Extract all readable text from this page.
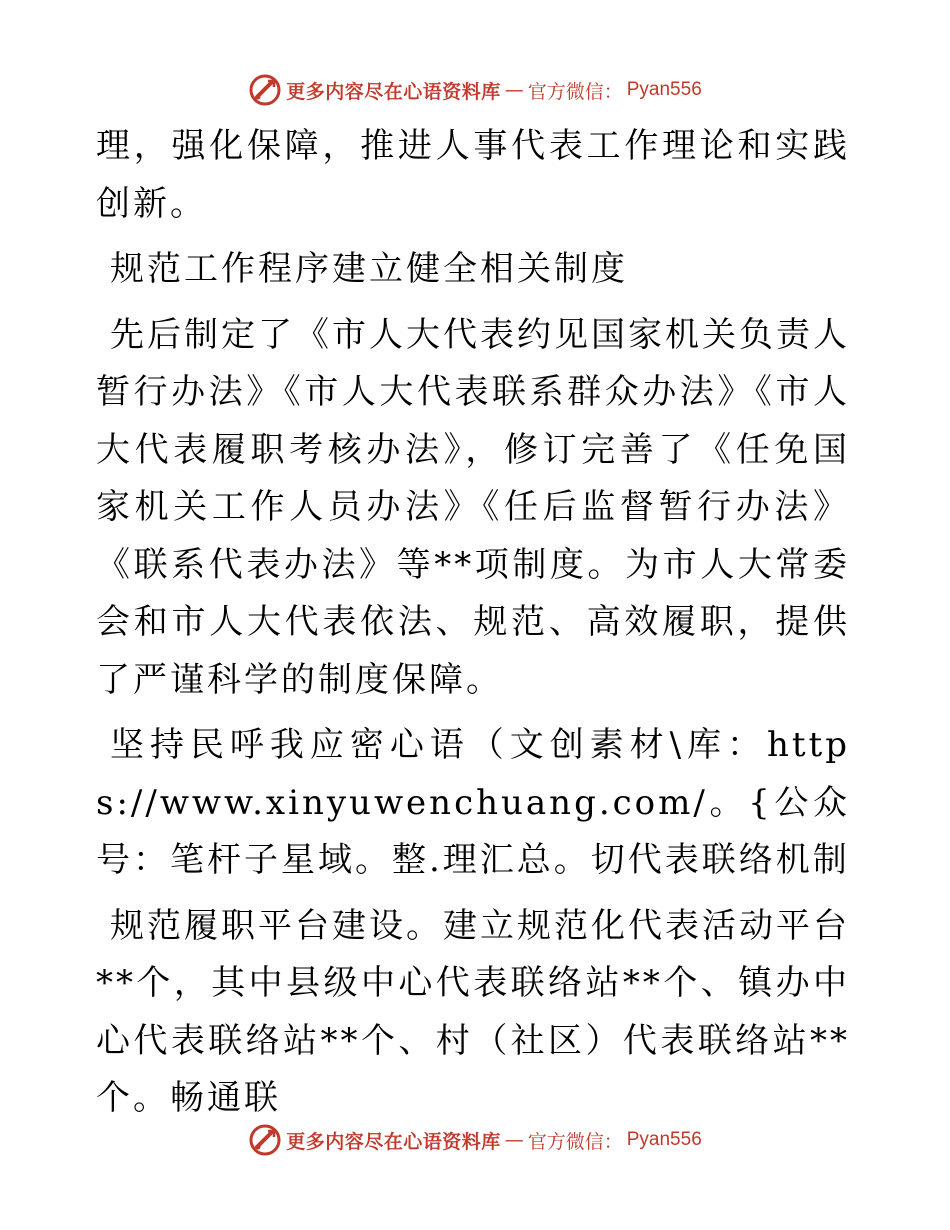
更多内容尽在心语资料库 — 官方微信： Pyan556

理，强化保障，推进人事代表工作理论和实践创新。

规范工作程序建立健全相关制度

先后制定了《市人大代表约见国家机关负责人暂行办法》《市人大代表联系群众办法》《市人大代表履职考核办法》，修订完善了《任免国家机关工作人员办法》《任后监督暂行办法》《联系代表办法》等**项制度。为市人大常委会和市人大代表依法、规范、高效履职，提供了严谨科学的制度保障。

坚持民呼我应密心语（文创素材\库：https://www.xinyuwenchuang.com/。{公众号：笔杆子星域。整.理汇总。切代表联络机制

规范履职平台建设。建立规范化代表活动平台**个，其中县级中心代表联络站**个、镇办中心代表联络站**个、村（社区）代表联络站**个。畅通联

更多内容尽在心语资料库 — 官方微信： Pyan556
